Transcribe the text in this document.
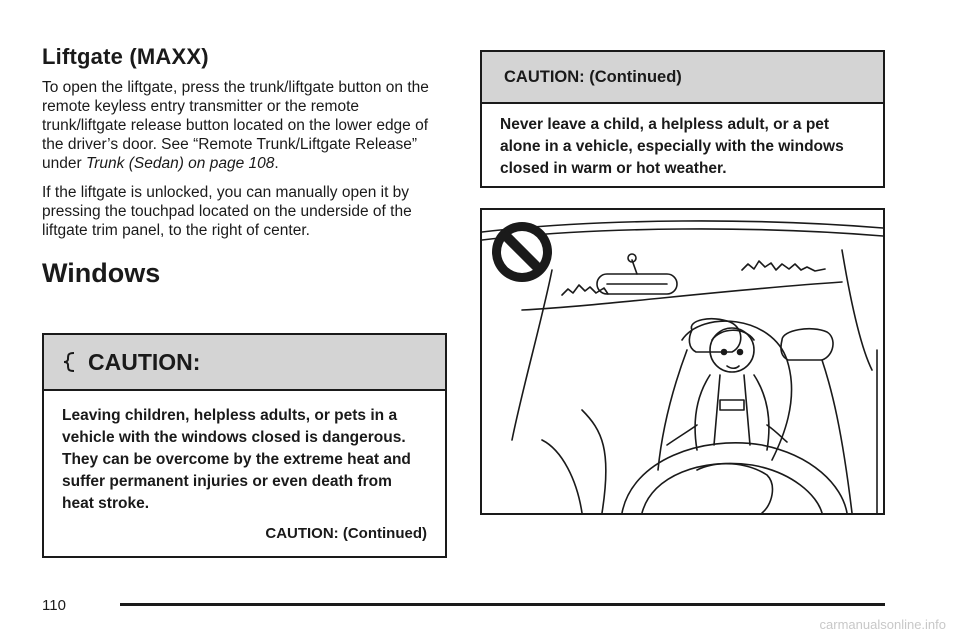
Liftgate (MAXX)

To open the liftgate, press the trunk/liftgate button on the remote keyless entry transmitter or the remote trunk/liftgate release button located on the lower edge of the driver’s door. See “Remote Trunk/Liftgate Release” under Trunk (Sedan) on page 108.

If the liftgate is unlocked, you can manually open it by pressing the touchpad located on the underside of the liftgate trim panel, to the right of center.

Windows
CAUTION:
Leaving children, helpless adults, or pets in a vehicle with the windows closed is dangerous. They can be overcome by the extreme heat and suffer permanent injuries or even death from heat stroke.
CAUTION: (Continued)
CAUTION: (Continued)
Never leave a child, a helpless adult, or a pet alone in a vehicle, especially with the windows closed in warm or hot weather.
110
carmanualsonline.info
